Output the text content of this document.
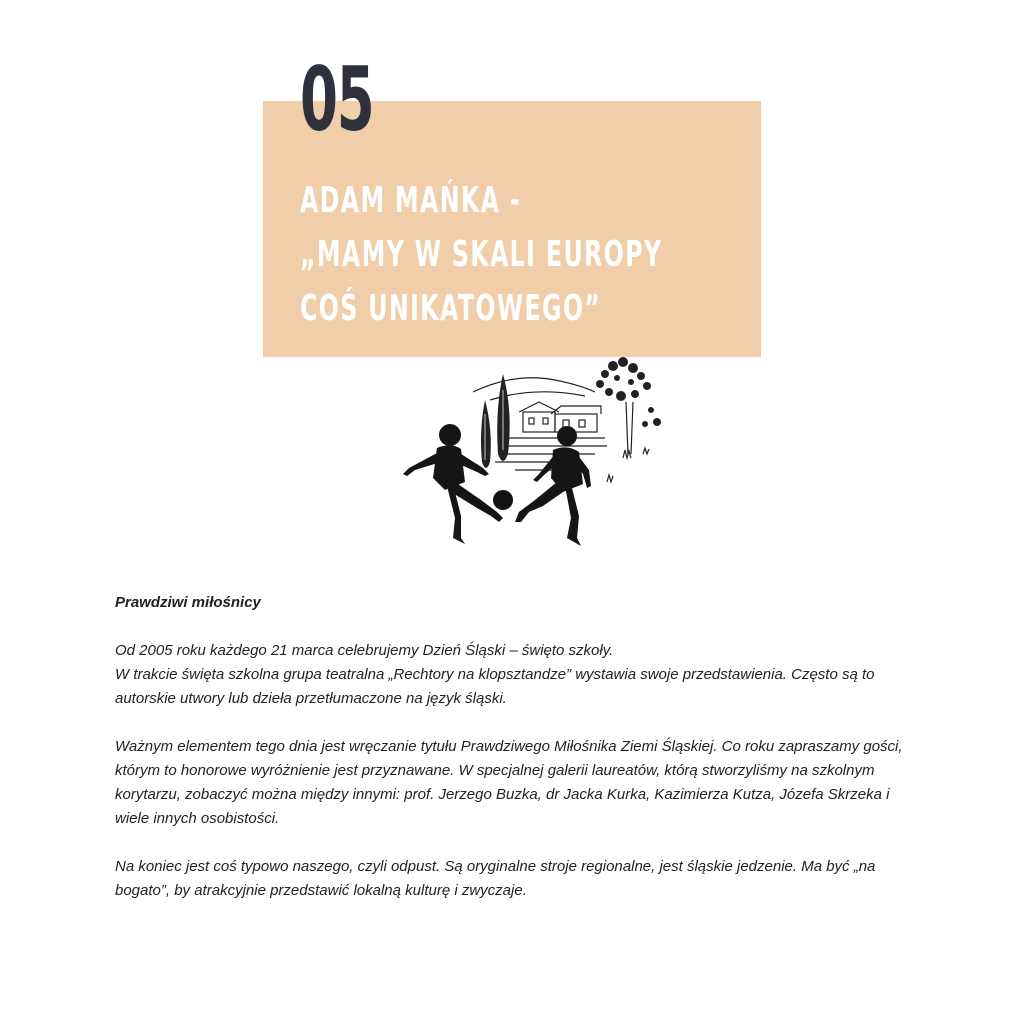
05
ADAM MAŃKA -
„MAMY W SKALI EUROPY
COŚ UNIKATOWEGO”

Prawdziwi miłośnicy

Od 2005 roku każdego 21 marca celebrujemy Dzień Śląski – święto szkoły.
W trakcie święta szkolna grupa teatralna „Rechtory na klopsztandze” wystawia swoje przedstawienia. Często są to autorskie utwory lub dzieła przetłumaczone na język śląski.

Ważnym elementem tego dnia jest wręczanie tytułu Prawdziwego Miłośnika Ziemi Śląskiej. Co roku zapraszamy gości, którym to honorowe wyróżnienie jest przyznawane. W specjalnej galerii laureatów, którą stworzyliśmy na szkolnym korytarzu, zobaczyć można między innymi: prof. Jerzego Buzka, dr Jacka Kurka, Kazimierza Kutza, Józefa Skrzeka i wiele innych osobistości.

Na koniec jest coś typowo naszego, czyli odpust. Są oryginalne stroje regionalne, jest śląskie jedzenie. Ma być „na bogato”, by atrakcyjnie przedstawić lokalną kulturę i zwyczaje.
